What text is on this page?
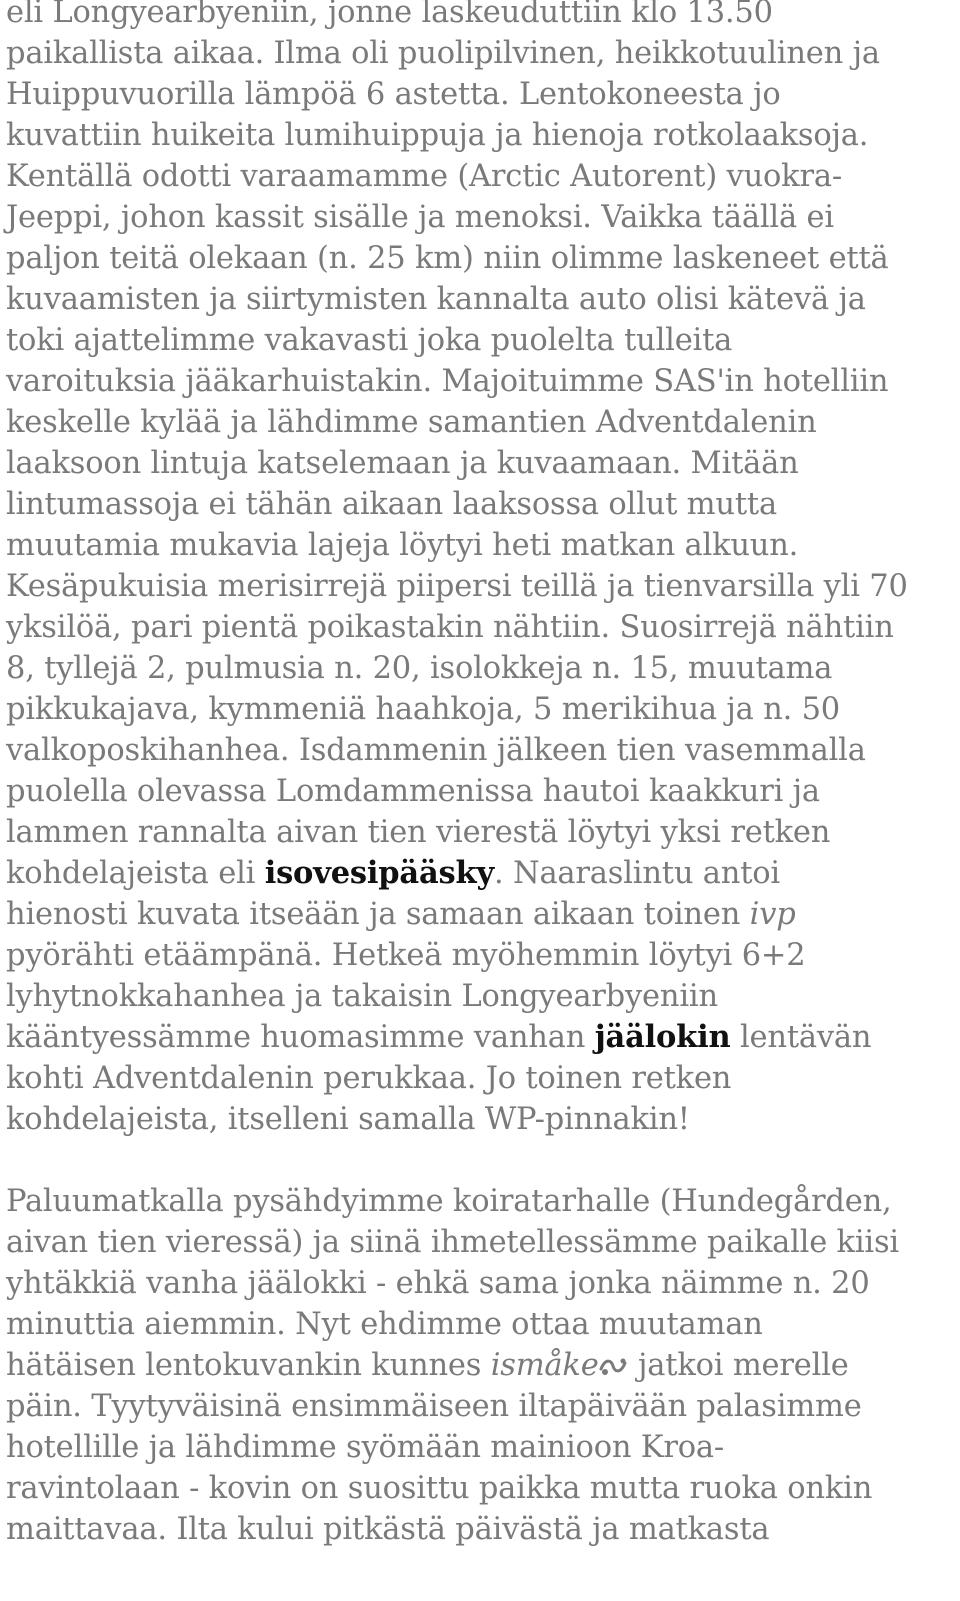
eli Longyearbyeniin, jonne laskeuduttiin klo 13.50
paikallista aikaa. Ilma oli puolipilvinen, heikkotuulinen ja
Huippuvuorilla lämpöä 6 astetta. Lentokoneesta jo
kuvattiin huikeita lumihuippuja ja hienoja rotkolaaksoja.
Kentällä odotti varaamamme (Arctic Autorent) vuokra-
Jeeppi, johon kassit sisälle ja menoksi. Vaikka täällä ei
paljon teitä olekaan (n. 25 km) niin olimme laskeneet että
kuvaamisten ja siirtymisten kannalta auto olisi kätevä ja
toki ajattelimme vakavasti joka puolelta tulleita
varoituksia jääkarhuistakin. Majoituimme SAS'in hotelliin
keskelle kylää ja lähdimme samantien Adventdalenin
laaksoon lintuja katselemaan ja kuvaamaan. Mitään
lintumassoja ei tähän aikaan laaksossa ollut mutta
muutamia mukavia lajeja löytyi heti matkan alkuun.
Kesäpukuisia merisirrejä piipersi teillä ja tienvarsilla yli 70
yksilöä, pari pientä poikastakin nähtiin. Suosirrejä nähtiin
8, tyllejä 2, pulmusia n. 20, isolokkeja n. 15, muutama
pikkukajava, kymmeniä haahkoja, 5 merikihua ja n. 50
valkoposkihanhea. Isdammenin jälkeen tien vasemmalla
puolella olevassa Lomdammenissa hautoi kaakkuri ja
lammen rannalta aivan tien vierestä löytyi yksi retken
kohdelajeista eli isovesipääsky. Naaraslintu antoi
hienosti kuvata itseään ja samaan aikaan toinen ivp
pyörähti etäämpänä. Hetkeä myöhemmin löytyi 6+2
lyhytnokkahanhea ja takaisin Longyearbyeniin
kääntyessämme huomasimme vanhan jäälokin lentävän
kohti Adventdalenin perukkaa. Jo toinen retken
kohdelajeista, itselleni samalla WP-pinnakin!
Paluumatkalla pysähdyimme koiratarhalle (Hundegården,
aivan tien vieressä) ja siinä ihmetellessämme paikalle kiisi
yhtäkkiä vanha jäälokki - ehkä sama jonka näimme n. 20
minuttia aiemmin. Nyt ehdimme ottaa muutaman
hätäisen lentokuvankin kunnes ismåke jatkoi merelle
päin. Tyytyväisinä ensimmäiseen iltapäivään palasimme
hotellille ja lähdimme syömään mainioon Kroa-
ravintolaan - kovin on suosittu paikka mutta ruoka onkin
maittavaa. Ilta kului pitkästä päivästä ja matkasta
